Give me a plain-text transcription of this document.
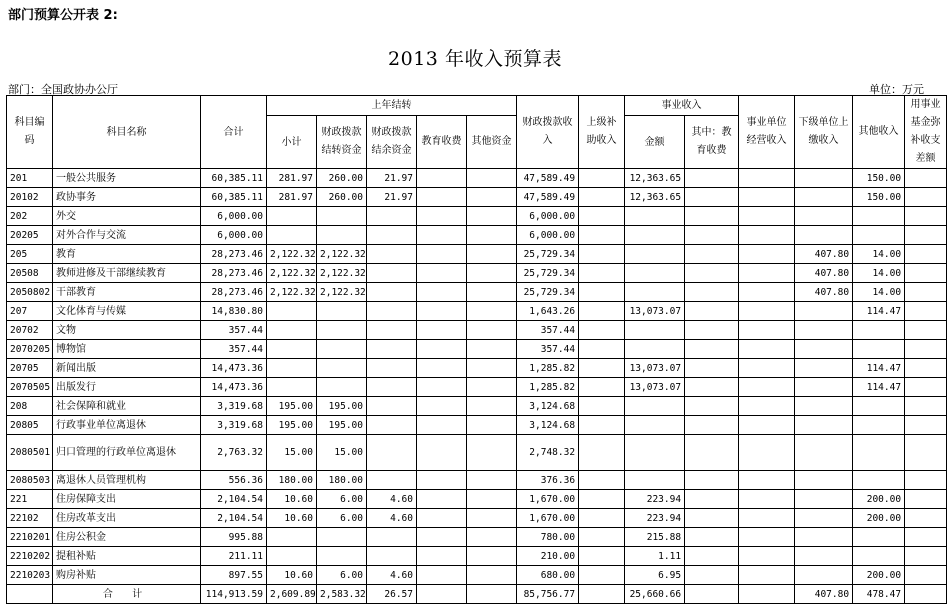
部门预算公开表 2:
2013 年收入预算表
部门：全国政协办公厅	单位：万元
科目编码	科目名称	合计	上年结转					财政拨款收入	上级补助收入	事业收入		事业单位经营收入	下级单位上缴收入	其他收入	用事业基金弥补收支差额
			小计	财政拨款结转资金	财政拨款结余资金	教育收费	其他资金			金额	其中：教育收费				

201	一般公共服务	60,385.11	281.97	260.00	21.97			47,589.49		12,363.65				150.00	
20102	政协事务	60,385.11	281.97	260.00	21.97			47,589.49		12,363.65				150.00	
202	外交	6,000.00						6,000.00							
20205	对外合作与交流	6,000.00						6,000.00							
205	教育	28,273.46	2,122.32	2,122.32				25,729.34					407.80	14.00	
20508	教师进修及干部继续教育	28,273.46	2,122.32	2,122.32				25,729.34					407.80	14.00	
2050802	干部教育	28,273.46	2,122.32	2,122.32				25,729.34					407.80	14.00	
207	文化体育与传媒	14,830.80						1,643.26		13,073.07				114.47	
20702	文物	357.44						357.44							
2070205	博物馆	357.44						357.44							
20705	新闻出版	14,473.36						1,285.82		13,073.07				114.47	
2070505	出版发行	14,473.36						1,285.82		13,073.07				114.47	
208	社会保障和就业	3,319.68	195.00	195.00				3,124.68							
20805	行政事业单位离退休	3,319.68	195.00	195.00				3,124.68							
2080501	归口管理的行政单位离退休	2,763.32	15.00	15.00				2,748.32							
2080503	离退休人员管理机构	556.36	180.00	180.00				376.36							
221	住房保障支出	2,104.54	10.60	6.00	4.60			1,670.00		223.94				200.00	
22102	住房改革支出	2,104.54	10.60	6.00	4.60			1,670.00		223.94				200.00	
2210201	住房公积金	995.88						780.00		215.88					
2210202	提租补贴	211.11						210.00		1.11					
2210203	购房补贴	897.55	10.60	6.00	4.60			680.00		6.95				200.00	
	合 计	114,913.59	2,609.89	2,583.32	26.57			85,756.77		25,660.66			407.80	478.47	
